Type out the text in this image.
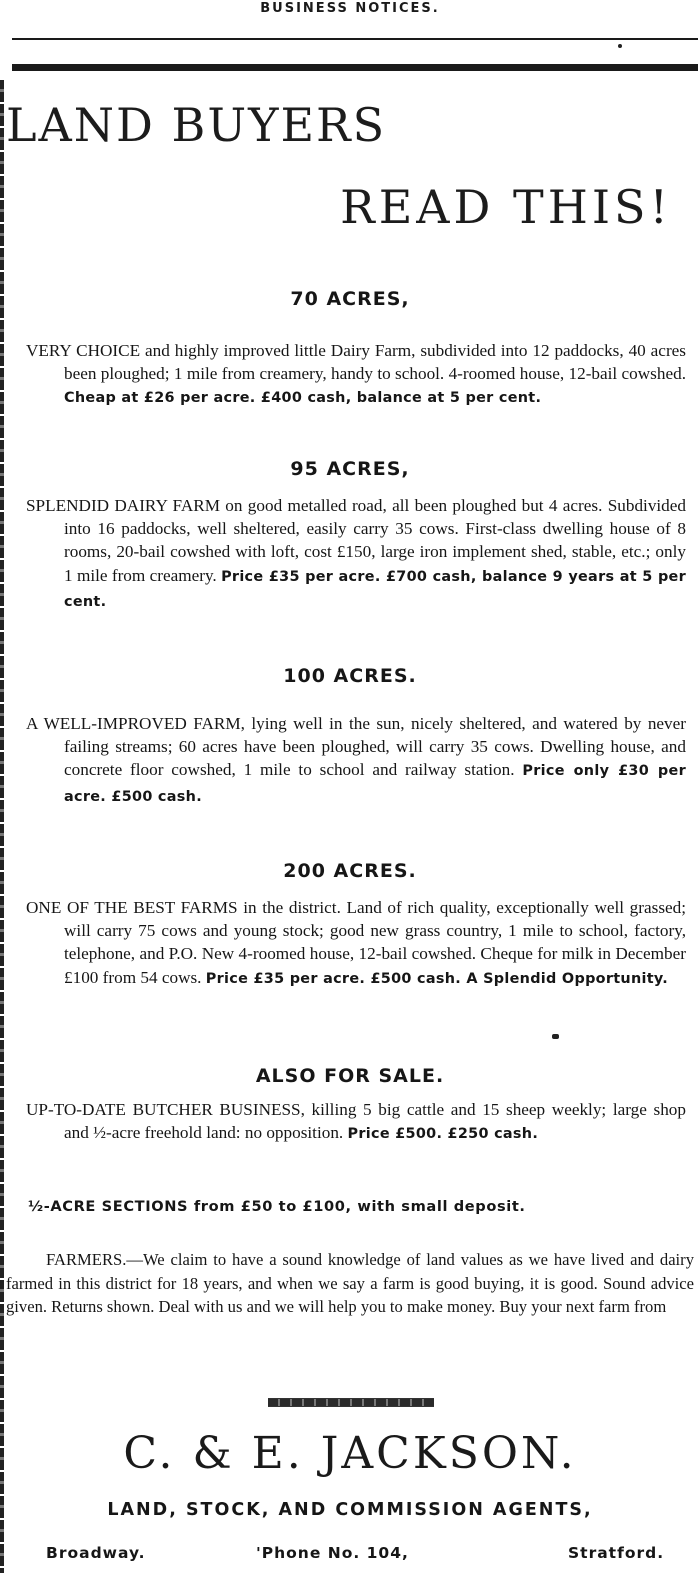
BUSINESS NOTICES.
LAND BUYERS
READ THIS!
70 ACRES,
VERY CHOICE and highly improved little Dairy Farm, subdivided into 12 paddocks, 40 acres been ploughed; 1 mile from creamery, handy to school. 4-roomed house, 12-bail cowshed. Cheap at £26 per acre. £400 cash, balance at 5 per cent.
95 ACRES,
SPLENDID DAIRY FARM on good metalled road, all been ploughed but 4 acres. Subdivided into 16 paddocks, well sheltered, easily carry 35 cows. First-class dwelling house of 8 rooms, 20-bail cowshed with loft, cost £150, large iron implement shed, stable, etc.; only 1 mile from creamery. Price £35 per acre. £700 cash, balance 9 years at 5 per cent.
100 ACRES.
A WELL-IMPROVED FARM, lying well in the sun, nicely sheltered, and watered by never failing streams; 60 acres have been ploughed, will carry 35 cows. Dwelling house, and concrete floor cowshed, 1 mile to school and railway station. Price only £30 per acre. £500 cash.
200 ACRES.
ONE OF THE BEST FARMS in the district. Land of rich quality, exceptionally well grassed; will carry 75 cows and young stock; good new grass country, 1 mile to school, factory, telephone, and P.O. New 4-roomed house, 12-bail cowshed. Cheque for milk in December £100 from 54 cows. Price £35 per acre. £500 cash. A Splendid Opportunity.
ALSO FOR SALE.
UP-TO-DATE BUTCHER BUSINESS, killing 5 big cattle and 15 sheep weekly; large shop and ½-acre freehold land: no opposition. Price £500. £250 cash.
½-ACRE SECTIONS from £50 to £100, with small deposit.
FARMERS.—We claim to have a sound knowledge of land values as we have lived and dairy farmed in this district for 18 years, and when we say a farm is good buying, it is good. Sound advice given. Returns shown. Deal with us and we will help you to make money. Buy your next farm from
C. & E. JACKSON.
LAND, STOCK, AND COMMISSION AGENTS,
Broadway.	'Phone No. 104,	Stratford.
